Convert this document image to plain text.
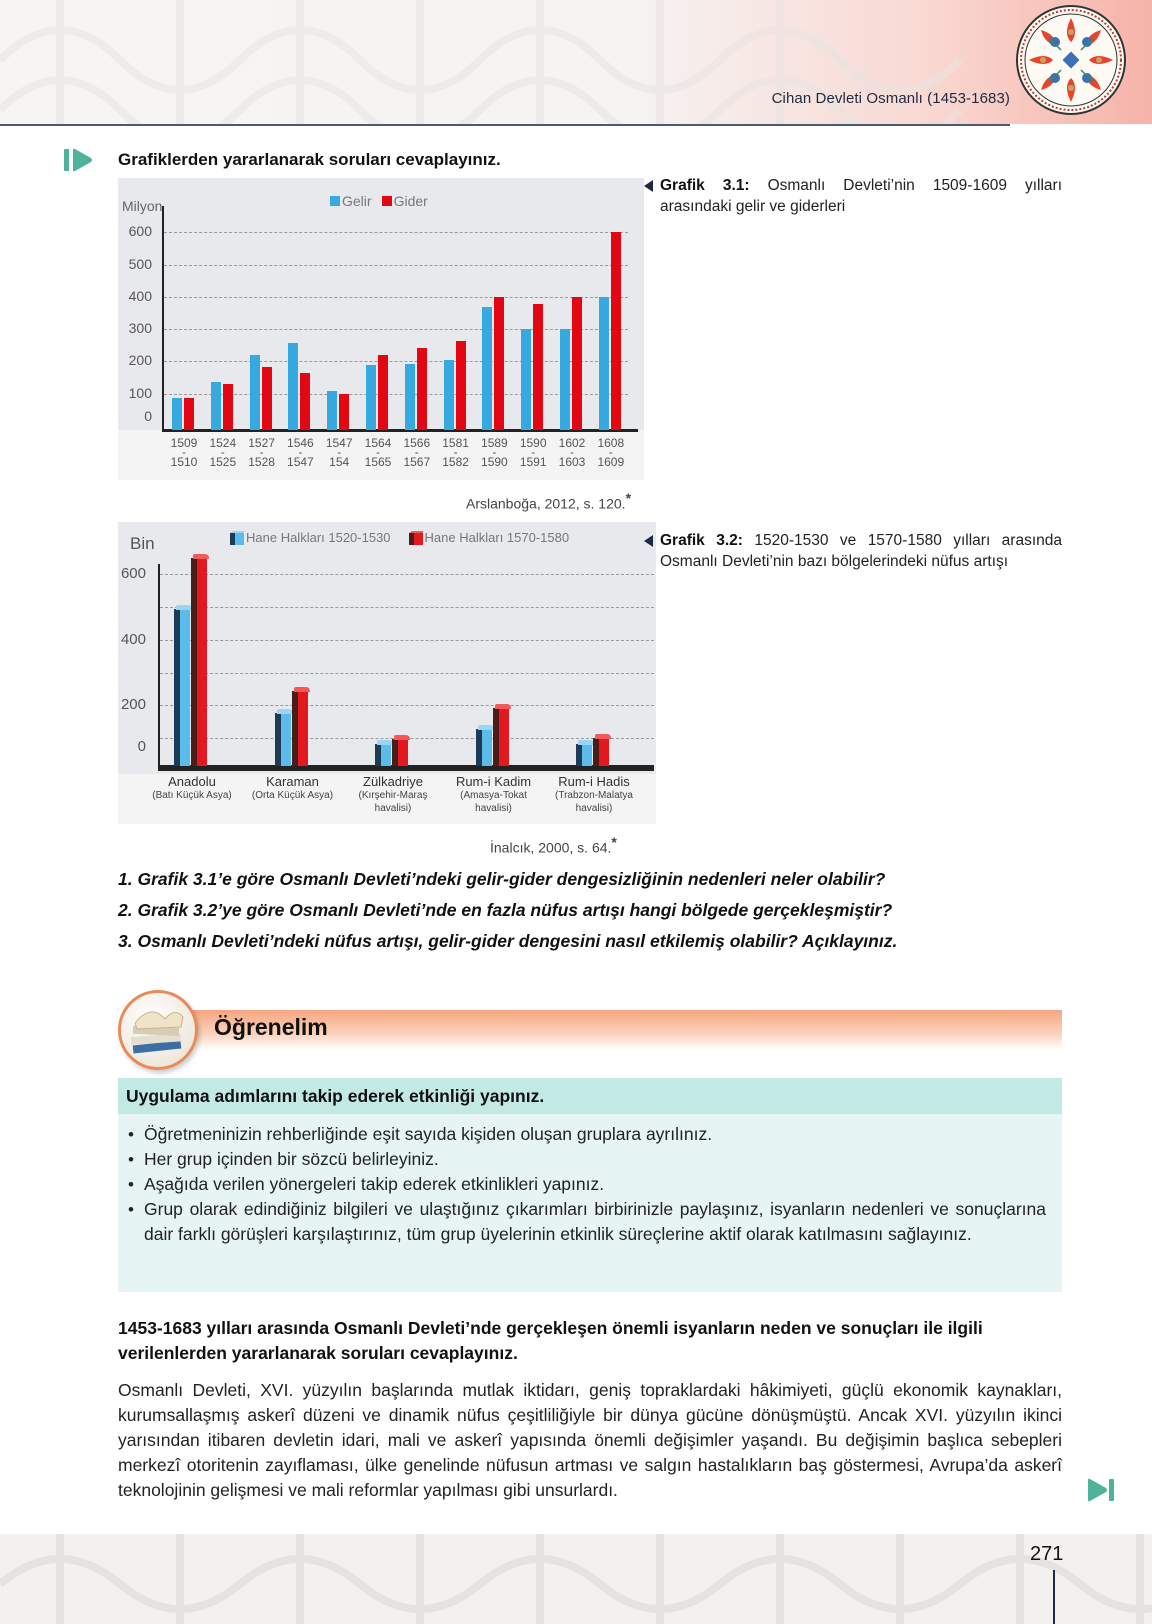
Cihan Devleti Osmanlı (1453-1683)
Grafiklerden yararlanarak soruları cevaplayınız.
Milyon	Gelir Gider
0
100
200
300
400
500
600
1509
1510
1524
1525
1527
1528
1546
1547
1547
154
1564
1565
1566
1567
1581
1582
1589
1590
1590
1591
1602
1603
1608
1609
Arslanboğa, 2012, s. 120.*
Grafik 3.1: Osmanlı Devleti’nin 1509-1609 yılları arasındaki gelir ve giderleri
Bin	Hane Halkları 1520-1530	Hane Halkları 1570-1580
0
200
400
600
Anadolu
(Batı Küçük Asya)
Karaman
(Orta Küçük Asya)
Zülkadriye
(Kırşehir-Maraş havalisi)
Rum-i Kadim
(Amasya-Tokat havalisi)
Rum-i Hadis
(Trabzon-Malatya havalisi)
İnalcık, 2000, s. 64.*
Grafik 3.2: 1520-1530 ve 1570-1580 yılları arasında Osmanlı Devleti’nin bazı bölgelerindeki nüfus artışı
1. Grafik 3.1’e göre Osmanlı Devleti’ndeki gelir-gider dengesizliğinin nedenleri neler olabilir?
2. Grafik 3.2’ye göre Osmanlı Devleti’nde en fazla nüfus artışı hangi bölgede gerçekleşmiştir?
3. Osmanlı Devleti’ndeki nüfus artışı, gelir-gider dengesini nasıl etkilemiş olabilir? Açıklayınız.
Öğrenelim
Uygulama adımlarını takip ederek etkinliği yapınız.
• Öğretmeninizin rehberliğinde eşit sayıda kişiden oluşan gruplara ayrılınız.
• Her grup içinden bir sözcü belirleyiniz.
• Aşağıda verilen yönergeleri takip ederek etkinlikleri yapınız.
• Grup olarak edindiğiniz bilgileri ve ulaştığınız çıkarımları birbirinizle paylaşınız, isyanların nedenleri ve sonuçlarına dair farklı görüşleri karşılaştırınız, tüm grup üyelerinin etkinlik süreçlerine aktif olarak katılmasını sağlayınız.
1453-1683 yılları arasında Osmanlı Devleti’nde gerçekleşen önemli isyanların neden ve sonuçları ile ilgili verilenlerden yararlanarak soruları cevaplayınız.
Osmanlı Devleti, XVI. yüzyılın başlarında mutlak iktidarı, geniş topraklardaki hâkimiyeti, güçlü ekonomik kaynakları, kurumsallaşmış askerî düzeni ve dinamik nüfus çeşitliliğiyle bir dünya gücüne dönüşmüştü. Ancak XVI. yüzyılın ikinci yarısından itibaren devletin idari, mali ve askerî yapısında önemli değişimler yaşandı. Bu değişimin başlıca sebepleri merkezî otoritenin zayıflaması, ülke genelinde nüfusun artması ve salgın hastalıkların baş göstermesi, Avrupa’da askerî teknolojinin gelişmesi ve mali reformlar yapılması gibi unsurlardı.
271
